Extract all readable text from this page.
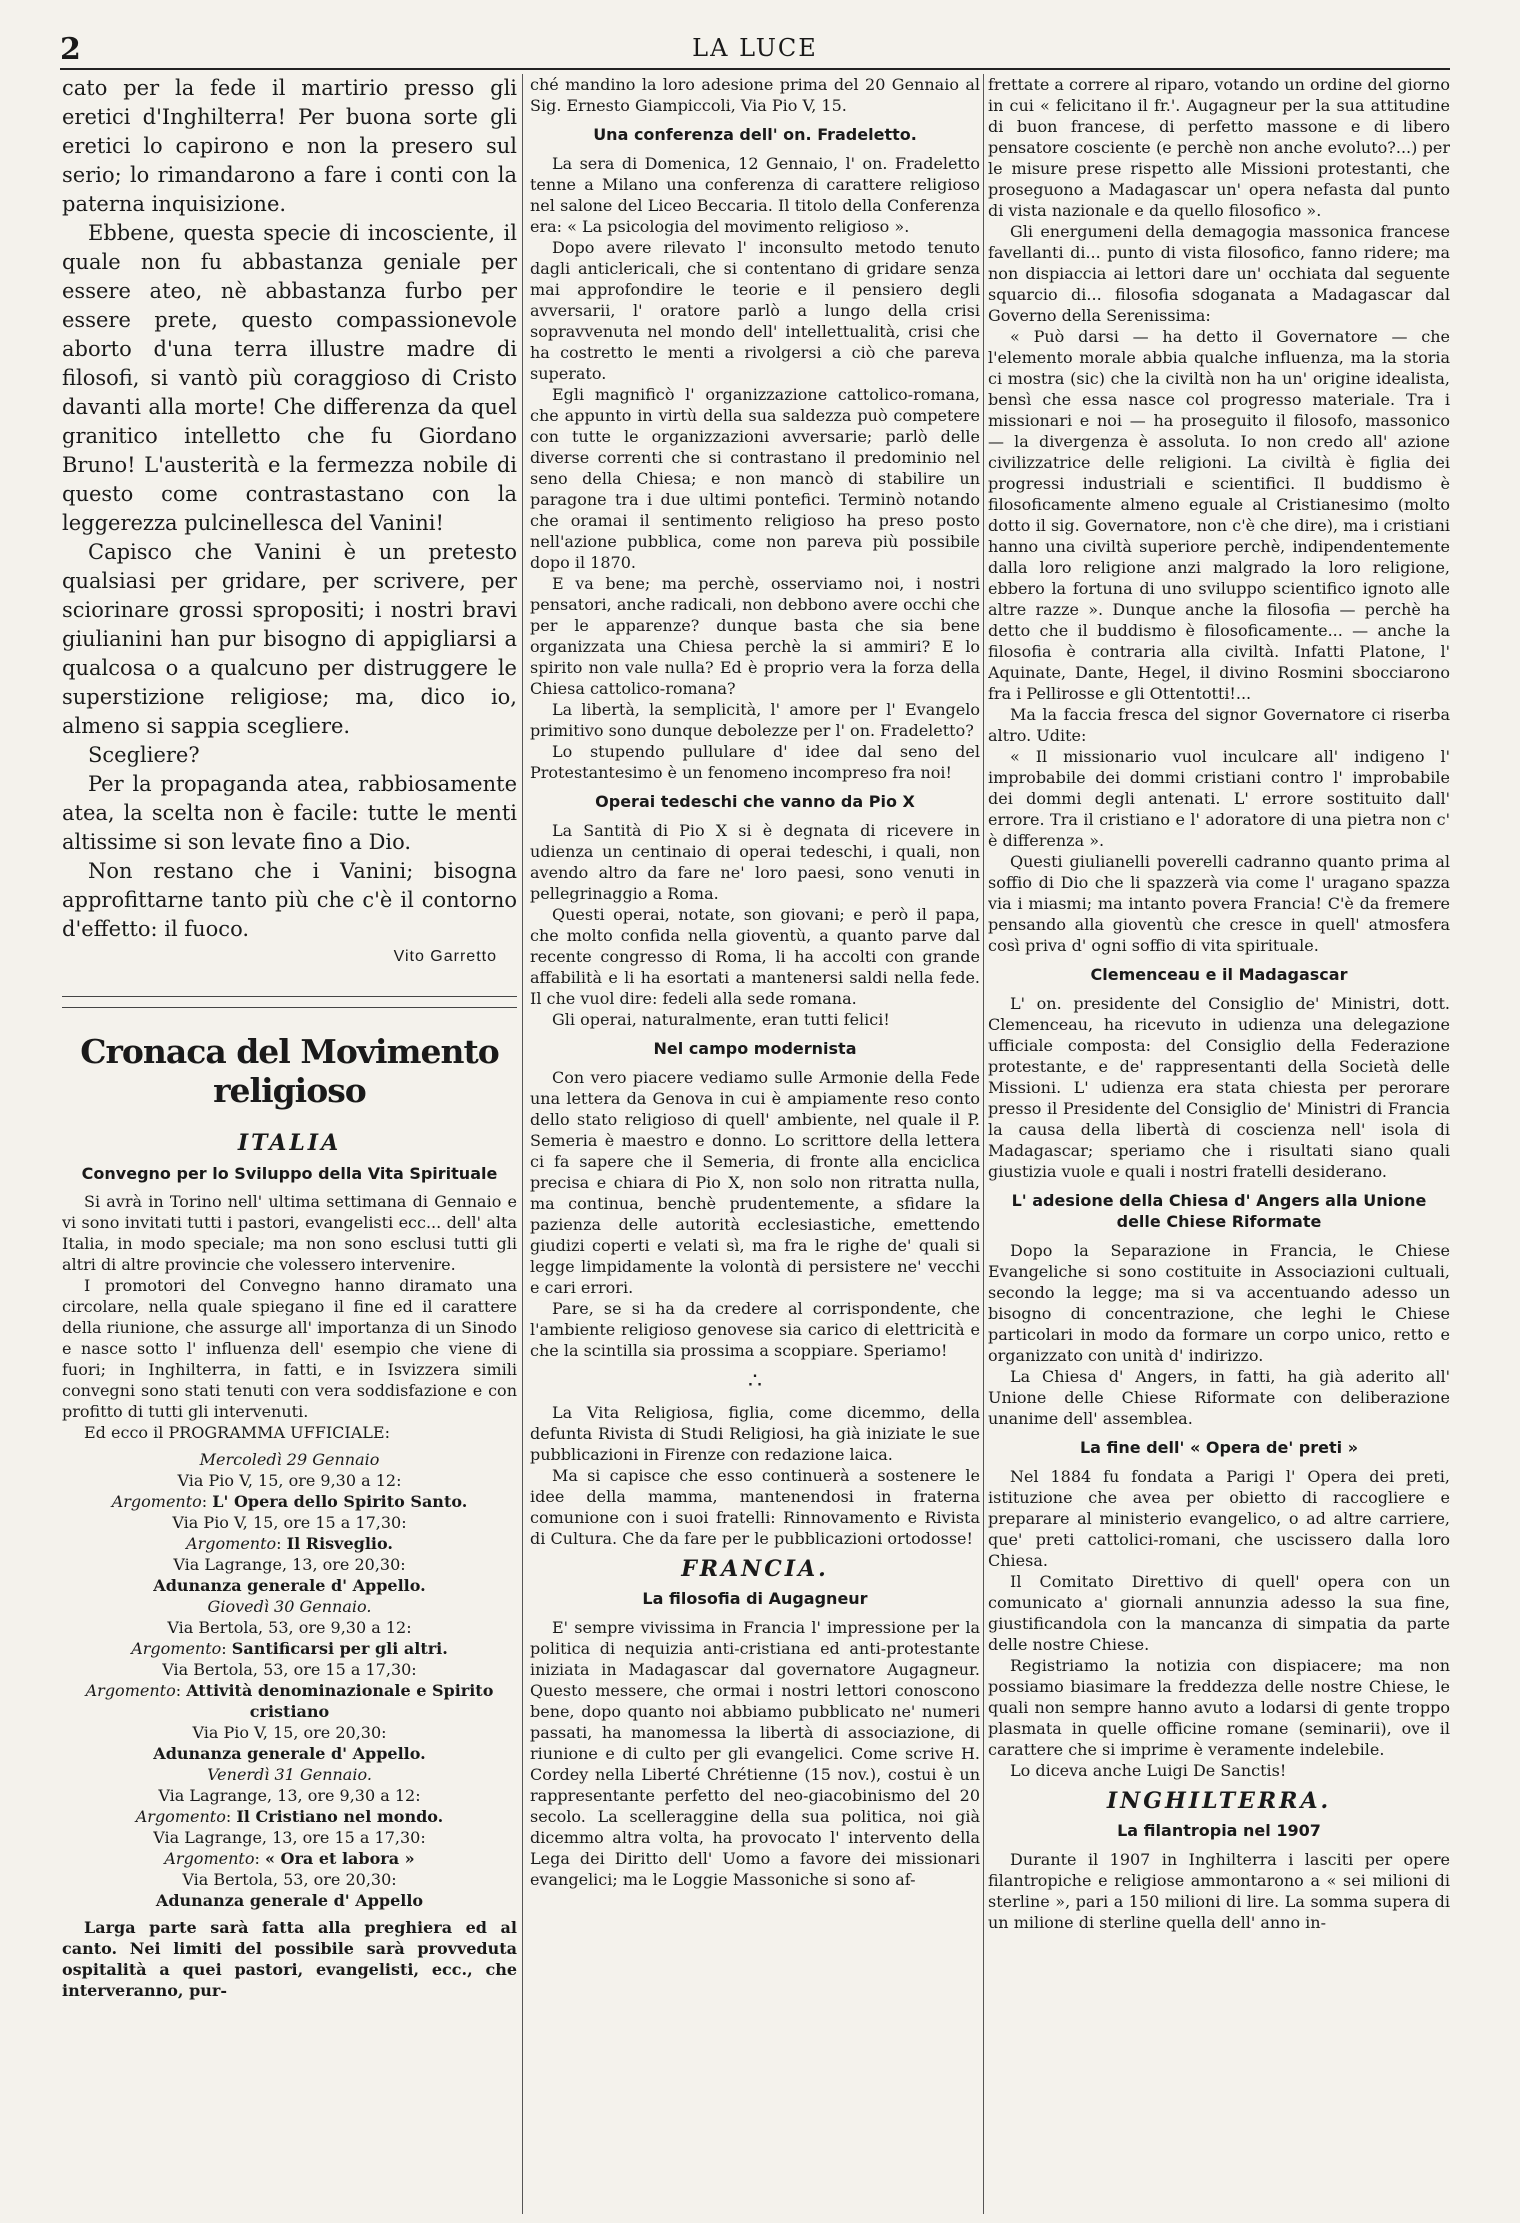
2	LA LUCE

cato per la fede il martirio presso gli eretici d'Inghilterra! Per buona sorte gli eretici lo capirono e non la presero sul serio; lo rimandarono a fare i conti con la paterna inquisizione.

Ebbene, questa specie di incosciente, il quale non fu abbastanza geniale per essere ateo, nè abbastanza furbo per essere prete, questo compassionevole aborto d'una terra illustre madre di filosofi, si vantò più coraggioso di Cristo davanti alla morte! Che differenza da quel granitico intelletto che fu Giordano Bruno! L'austerità e la fermezza nobile di questo come contrastastano con la leggerezza pulcinellesca del Vanini!

Capisco che Vanini è un pretesto qualsiasi per gridare, per scrivere, per sciorinare grossi spropositi; i nostri bravi giulianini han pur bisogno di appigliarsi a qualcosa o a qualcuno per distruggere le superstizione religiose; ma, dico io, almeno si sappia scegliere.

Scegliere?

Per la propaganda atea, rabbiosamente atea, la scelta non è facile: tutte le menti altissime si son levate fino a Dio.

Non restano che i Vanini; bisogna approfittarne tanto più che c'è il contorno d'effetto: il fuoco.

Vito Garretto
Cronaca del Movimento religioso
ITALIA
Convegno per lo Sviluppo della Vita Spirituale

Si avrà in Torino nell' ultima settimana di Gennaio e vi sono invitati tutti i pastori, evangelisti ecc... dell' alta Italia, in modo speciale; ma non sono esclusi tutti gli altri di altre provincie che volessero intervenire.

I promotori del Convegno hanno diramato una circolare, nella quale spiegano il fine ed il carattere della riunione, che assurge all' importanza di un Sinodo e nasce sotto l' influenza dell' esempio che viene di fuori; in Inghilterra, in fatti, e in Isvizzera simili convegni sono stati tenuti con vera soddisfazione e con profitto di tutti gli intervenuti.

Ed ecco il PROGRAMMA UFFICIALE:

Mercoledì 29 Gennaio
Via Pio V, 15, ore 9,30 a 12:
Argomento: L' Opera dello Spirito Santo.
Via Pio V, 15, ore 15 a 17,30:
Argomento: Il Risveglio.
Via Lagrange, 13, ore 20,30:
Adunanza generale d' Appello.
Giovedì 30 Gennaio.
Via Bertola, 53, ore 9,30 a 12:
Argomento: Santificarsi per gli altri.
Via Bertola, 53, ore 15 a 17,30:
Argomento: Attività denominazionale e Spirito cristiano
Via Pio V, 15, ore 20,30:
Adunanza generale d' Appello.
Venerdì 31 Gennaio.
Via Lagrange, 13, ore 9,30 a 12:
Argomento: Il Cristiano nel mondo.
Via Lagrange, 13, ore 15 a 17,30:
Argomento: « Ora et labora »
Via Bertola, 53, ore 20,30:
Adunanza generale d' Appello

Larga parte sarà fatta alla preghiera ed al canto. Nei limiti del possibile sarà provveduta ospitalità a quei pastori, evangelisti, ecc., che interveranno, pur-

ché mandino la loro adesione prima del 20 Gennaio al Sig. Ernesto Giampiccoli, Via Pio V, 15.

Una conferenza dell' on. Fradeletto.

La sera di Domenica, 12 Gennaio, l' on. Fradeletto tenne a Milano una conferenza di carattere religioso nel salone del Liceo Beccaria. Il titolo della Conferenza era: « La psicologia del movimento religioso ».

Dopo avere rilevato l' inconsulto metodo tenuto dagli anticlericali, che si contentano di gridare senza mai approfondire le teorie e il pensiero degli avversarii, l' oratore parlò a lungo della crisi sopravvenuta nel mondo dell' intellettualità, crisi che ha costretto le menti a rivolgersi a ciò che pareva superato.

Egli magnificò l' organizzazione cattolico-romana, che appunto in virtù della sua saldezza può competere con tutte le organizzazioni avversarie; parlò delle diverse correnti che si contrastano il predominio nel seno della Chiesa; e non mancò di stabilire un paragone tra i due ultimi pontefici. Terminò notando che oramai il sentimento religioso ha preso posto nell'azione pubblica, come non pareva più possibile dopo il 1870.

E va bene; ma perchè, osserviamo noi, i nostri pensatori, anche radicali, non debbono avere occhi che per le apparenze? dunque basta che sia bene organizzata una Chiesa perchè la si ammiri? E lo spirito non vale nulla? Ed è proprio vera la forza della Chiesa cattolico-romana?

La libertà, la semplicità, l' amore per l' Evangelo primitivo sono dunque debolezze per l' on. Fradeletto?

Lo stupendo pullulare d' idee dal seno del Protestantesimo è un fenomeno incompreso fra noi!

Operai tedeschi che vanno da Pio X

La Santità di Pio X si è degnata di ricevere in udienza un centinaio di operai tedeschi, i quali, non avendo altro da fare ne' loro paesi, sono venuti in pellegrinaggio a Roma.

Questi operai, notate, son giovani; e però il papa, che molto confida nella gioventù, a quanto parve dal recente congresso di Roma, li ha accolti con grande affabilità e li ha esortati a mantenersi saldi nella fede. Il che vuol dire: fedeli alla sede romana.

Gli operai, naturalmente, eran tutti felici!

Nel campo modernista

Con vero piacere vediamo sulle Armonie della Fede una lettera da Genova in cui è ampiamente reso conto dello stato religioso di quell' ambiente, nel quale il P. Semeria è maestro e donno. Lo scrittore della lettera ci fa sapere che il Semeria, di fronte alla enciclica precisa e chiara di Pio X, non solo non ritratta nulla, ma continua, benchè prudentemente, a sfidare la pazienza delle autorità ecclesiastiche, emettendo giudizi coperti e velati sì, ma fra le righe de' quali si legge limpidamente la volontà di persistere ne' vecchi e cari errori.

Pare, se si ha da credere al corrispondente, che l'ambiente religioso genovese sia carico di elettricità e che la scintilla sia prossima a scoppiare. Speriamo!

∴

La Vita Religiosa, figlia, come dicemmo, della defunta Rivista di Studi Religiosi, ha già iniziate le sue pubblicazioni in Firenze con redazione laica.

Ma si capisce che esso continuerà a sostenere le idee della mamma, mantenendosi in fraterna comunione con i suoi fratelli: Rinnovamento e Rivista di Cultura. Che da fare per le pubblicazioni ortodosse!

FRANCIA.
La filosofia di Augagneur

E' sempre vivissima in Francia l' impressione per la politica di nequizia anti-cristiana ed anti-protestante iniziata in Madagascar dal governatore Augagneur. Questo messere, che ormai i nostri lettori conoscono bene, dopo quanto noi abbiamo pubblicato ne' numeri passati, ha manomessa la libertà di associazione, di riunione e di culto per gli evangelici. Come scrive H. Cordey nella Liberté Chrétienne (15 nov.), costui è un rappresentante perfetto del neo-giacobinismo del 20 secolo. La scelleraggine della sua politica, noi già dicemmo altra volta, ha provocato l' intervento della Lega dei Diritto dell' Uomo a favore dei missionari evangelici; ma le Loggie Massoniche si sono af-

frettate a correre al riparo, votando un ordine del giorno in cui « felicitano il fr.'. Augagneur per la sua attitudine di buon francese, di perfetto massone e di libero pensatore cosciente (e perchè non anche evoluto?...) per le misure prese rispetto alle Missioni protestanti, che proseguono a Madagascar un' opera nefasta dal punto di vista nazionale e da quello filosofico ».

Gli energumeni della demagogia massonica francese favellanti di... punto di vista filosofico, fanno ridere; ma non dispiaccia ai lettori dare un' occhiata dal seguente squarcio di... filosofia sdoganata a Madagascar dal Governo della Serenissima:

« Può darsi — ha detto il Governatore — che l'elemento morale abbia qualche influenza, ma la storia ci mostra (sic) che la civiltà non ha un' origine idealista, bensì che essa nasce col progresso materiale. Tra i missionari e noi — ha proseguito il filosofo, massonico — la divergenza è assoluta. Io non credo all' azione civilizzatrice delle religioni. La civiltà è figlia dei progressi industriali e scientifici. Il buddismo è filosoficamente almeno eguale al Cristianesimo (molto dotto il sig. Governatore, non c'è che dire), ma i cristiani hanno una civiltà superiore perchè, indipendentemente dalla loro religione anzi malgrado la loro religione, ebbero la fortuna di uno sviluppo scientifico ignoto alle altre razze ». Dunque anche la filosofia — perchè ha detto che il buddismo è filosoficamente... — anche la filosofia è contraria alla civiltà. Infatti Platone, l' Aquinate, Dante, Hegel, il divino Rosmini sbocciarono fra i Pellirosse e gli Ottentotti!...

Ma la faccia fresca del signor Governatore ci riserba altro. Udite:

« Il missionario vuol inculcare all' indigeno l' improbabile dei dommi cristiani contro l' improbabile dei dommi degli antenati. L' errore sostituito dall' errore. Tra il cristiano e l' adoratore di una pietra non c' è differenza ».

Questi giulianelli poverelli cadranno quanto prima al soffio di Dio che li spazzerà via come l' uragano spazza via i miasmi; ma intanto povera Francia! C'è da fremere pensando alla gioventù che cresce in quell' atmosfera così priva d' ogni soffio di vita spirituale.

Clemenceau e il Madagascar

L' on. presidente del Consiglio de' Ministri, dott. Clemenceau, ha ricevuto in udienza una delegazione ufficiale composta: del Consiglio della Federazione protestante, e de' rappresentanti della Società delle Missioni. L' udienza era stata chiesta per perorare presso il Presidente del Consiglio de' Ministri di Francia la causa della libertà di coscienza nell' isola di Madagascar; speriamo che i risultati siano quali giustizia vuole e quali i nostri fratelli desiderano.

L' adesione della Chiesa d' Angers alla Unione delle Chiese Riformate

Dopo la Separazione in Francia, le Chiese Evangeliche si sono costituite in Associazioni cultuali, secondo la legge; ma si va accentuando adesso un bisogno di concentrazione, che leghi le Chiese particolari in modo da formare un corpo unico, retto e organizzato con unità d' indirizzo.

La Chiesa d' Angers, in fatti, ha già aderito all' Unione delle Chiese Riformate con deliberazione unanime dell' assemblea.

La fine dell' « Opera de' preti »

Nel 1884 fu fondata a Parigi l' Opera dei preti, istituzione che avea per obietto di raccogliere e preparare al ministerio evangelico, o ad altre carriere, que' preti cattolici-romani, che uscissero dalla loro Chiesa.

Il Comitato Direttivo di quell' opera con un comunicato a' giornali annunzia adesso la sua fine, giustificandola con la mancanza di simpatia da parte delle nostre Chiese.

Registriamo la notizia con dispiacere; ma non possiamo biasimare la freddezza delle nostre Chiese, le quali non sempre hanno avuto a lodarsi di gente troppo plasmata in quelle officine romane (seminarii), ove il carattere che si imprime è veramente indelebile.

Lo diceva anche Luigi De Sanctis!

INGHILTERRA.
La filantropia nel 1907

Durante il 1907 in Inghilterra i lasciti per opere filantropiche e religiose ammontarono a « sei milioni di sterline », pari a 150 milioni di lire. La somma supera di un milione di sterline quella dell' anno in-
